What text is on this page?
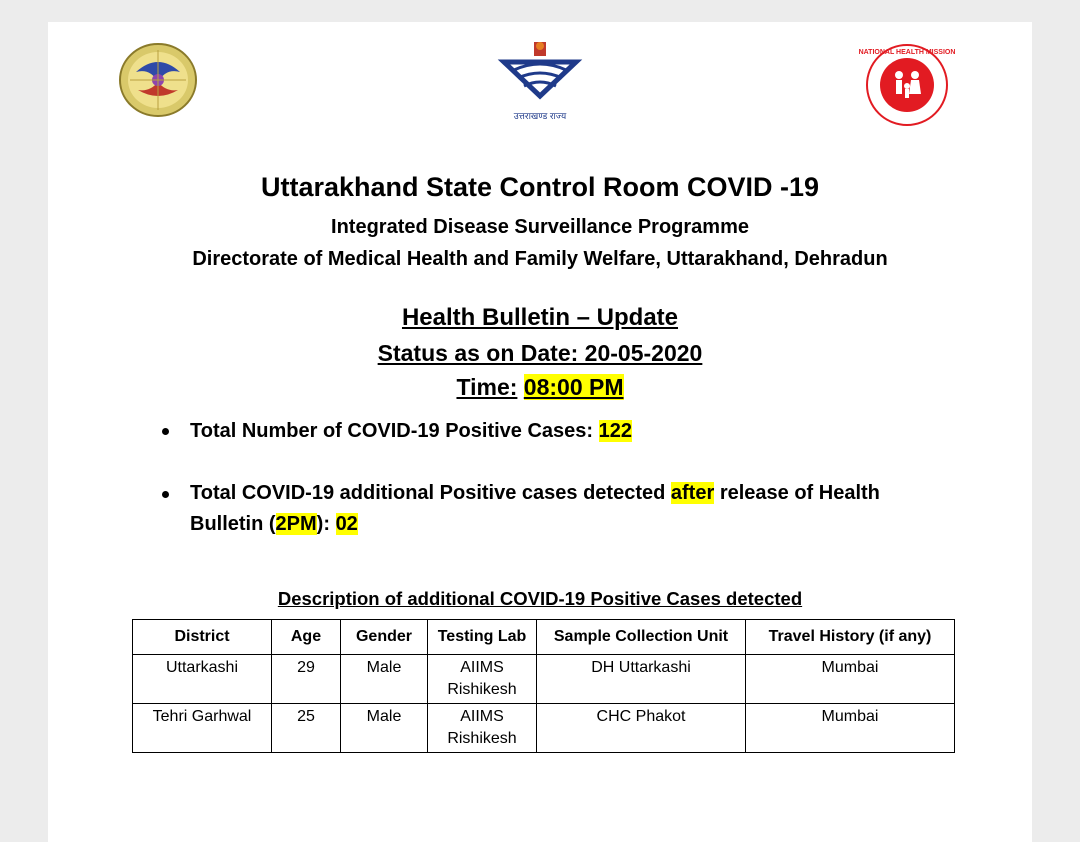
उत्तराखण्ड राज्य
NATIONAL HEALTH MISSION
Uttarakhand State Control Room COVID -19
Integrated Disease Surveillance Programme
Directorate of Medical Health and Family Welfare, Uttarakhand, Dehradun
Health Bulletin – Update
Status as on Date: 20-05-2020
Time: 08:00 PM
Total Number of COVID-19 Positive Cases: 122
Total COVID-19 additional Positive cases detected after release of Health
Bulletin (2PM): 02
Description of additional COVID-19 Positive Cases detected
District	Age	Gender	Testing Lab	Sample Collection Unit	Travel History (if any)
Uttarkashi	29	Male	AIIMS Rishikesh	DH Uttarkashi	Mumbai
Tehri Garhwal	25	Male	AIIMS Rishikesh	CHC Phakot	Mumbai
